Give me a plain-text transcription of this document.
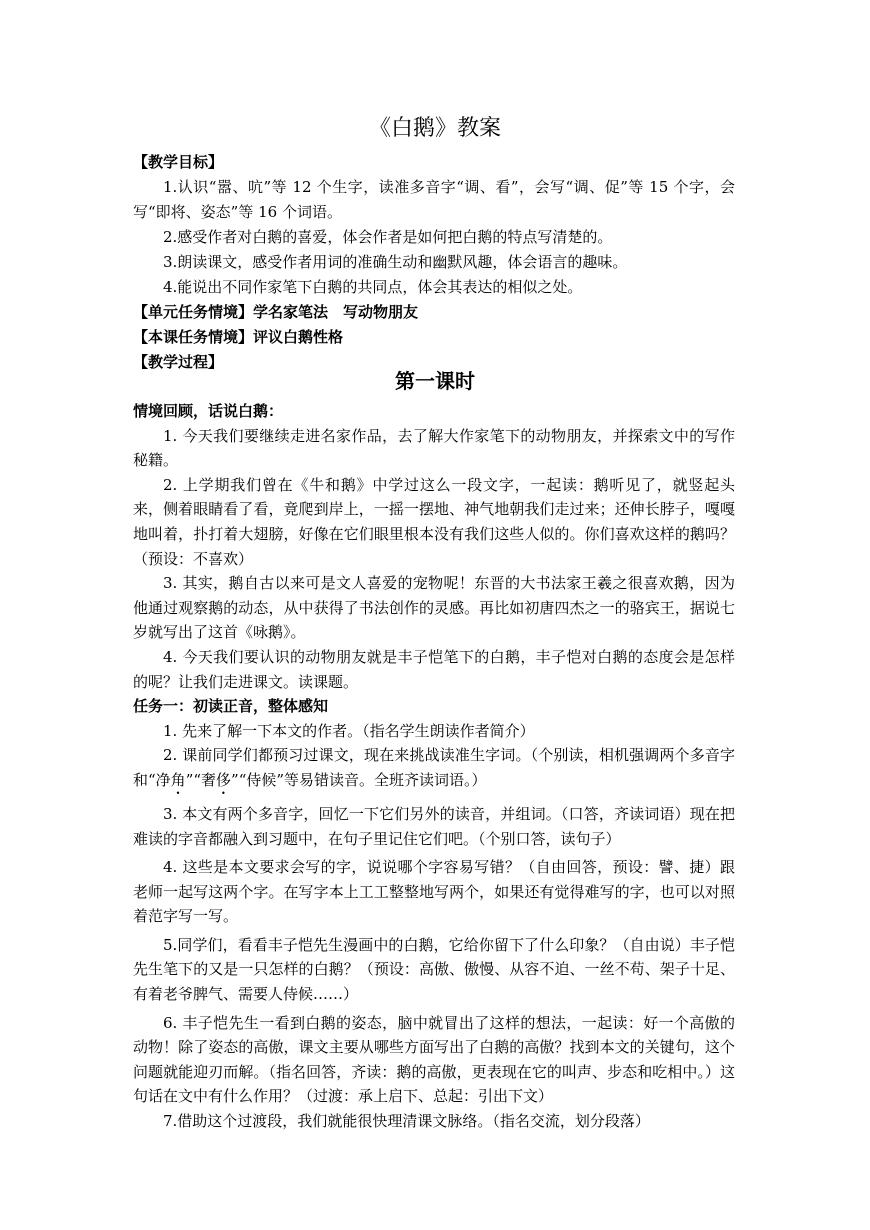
《白鹅》教案

【教学目标】

1.认识“嚣、吭”等 12 个生字，读准多音字“调、看”，会写“调、促”等 15 个字，会写“即将、姿态”等 16 个词语。

2.感受作者对白鹅的喜爱，体会作者是如何把白鹅的特点写清楚的。

3.朗读课文，感受作者用词的准确生动和幽默风趣，体会语言的趣味。

4.能说出不同作家笔下白鹅的共同点，体会其表达的相似之处。

【单元任务情境】学名家笔法　写动物朋友

【本课任务情境】评议白鹅性格

【教学过程】

第一课时

情境回顾，话说白鹅：

1. 今天我们要继续走进名家作品，去了解大作家笔下的动物朋友，并探索文中的写作秘籍。

2. 上学期我们曾在《牛和鹅》中学过这么一段文字，一起读：鹅听见了，就竖起头来，侧着眼睛看了看，竟爬到岸上，一摇一摆地、神气地朝我们走过来；还伸长脖子，嘎嘎地叫着，扑打着大翅膀，好像在它们眼里根本没有我们这些人似的。你们喜欢这样的鹅吗？（预设：不喜欢）

3. 其实，鹅自古以来可是文人喜爱的宠物呢！东晋的大书法家王羲之很喜欢鹅，因为他通过观察鹅的动态，从中获得了书法创作的灵感。再比如初唐四杰之一的骆宾王，据说七岁就写出了这首《咏鹅》。

4. 今天我们要认识的动物朋友就是丰子恺笔下的白鹅，丰子恺对白鹅的态度会是怎样的呢？让我们走进课文。读课题。

任务一：初读正音，整体感知

1. 先来了解一下本文的作者。（指名学生朗读作者简介）

2. 课前同学们都预习过课文，现在来挑战读准生字词。（个别读，相机强调两个多音字和“净角”“奢侈”“侍候”等易错读音。全班齐读词语。）

3. 本文有两个多音字，回忆一下它们另外的读音，并组词。（口答，齐读词语）现在把难读的字音都融入到习题中，在句子里记住它们吧。（个别口答，读句子）

4. 这些是本文要求会写的字，说说哪个字容易写错？（自由回答，预设：譬、捷）跟老师一起写这两个字。在写字本上工工整整地写两个，如果还有觉得难写的字，也可以对照着范字写一写。

5.同学们，看看丰子恺先生漫画中的白鹅，它给你留下了什么印象？（自由说）丰子恺先生笔下的又是一只怎样的白鹅？（预设：高傲、傲慢、从容不迫、一丝不苟、架子十足、有着老爷脾气、需要人侍候……）

6. 丰子恺先生一看到白鹅的姿态，脑中就冒出了这样的想法，一起读：好一个高傲的动物！除了姿态的高傲，课文主要从哪些方面写出了白鹅的高傲？找到本文的关键句，这个问题就能迎刃而解。（指名回答，齐读：鹅的高傲，更表现在它的叫声、步态和吃相中。）这句话在文中有什么作用？（过渡：承上启下、总起：引出下文）

7.借助这个过渡段，我们就能很快理清课文脉络。（指名交流，划分段落）
